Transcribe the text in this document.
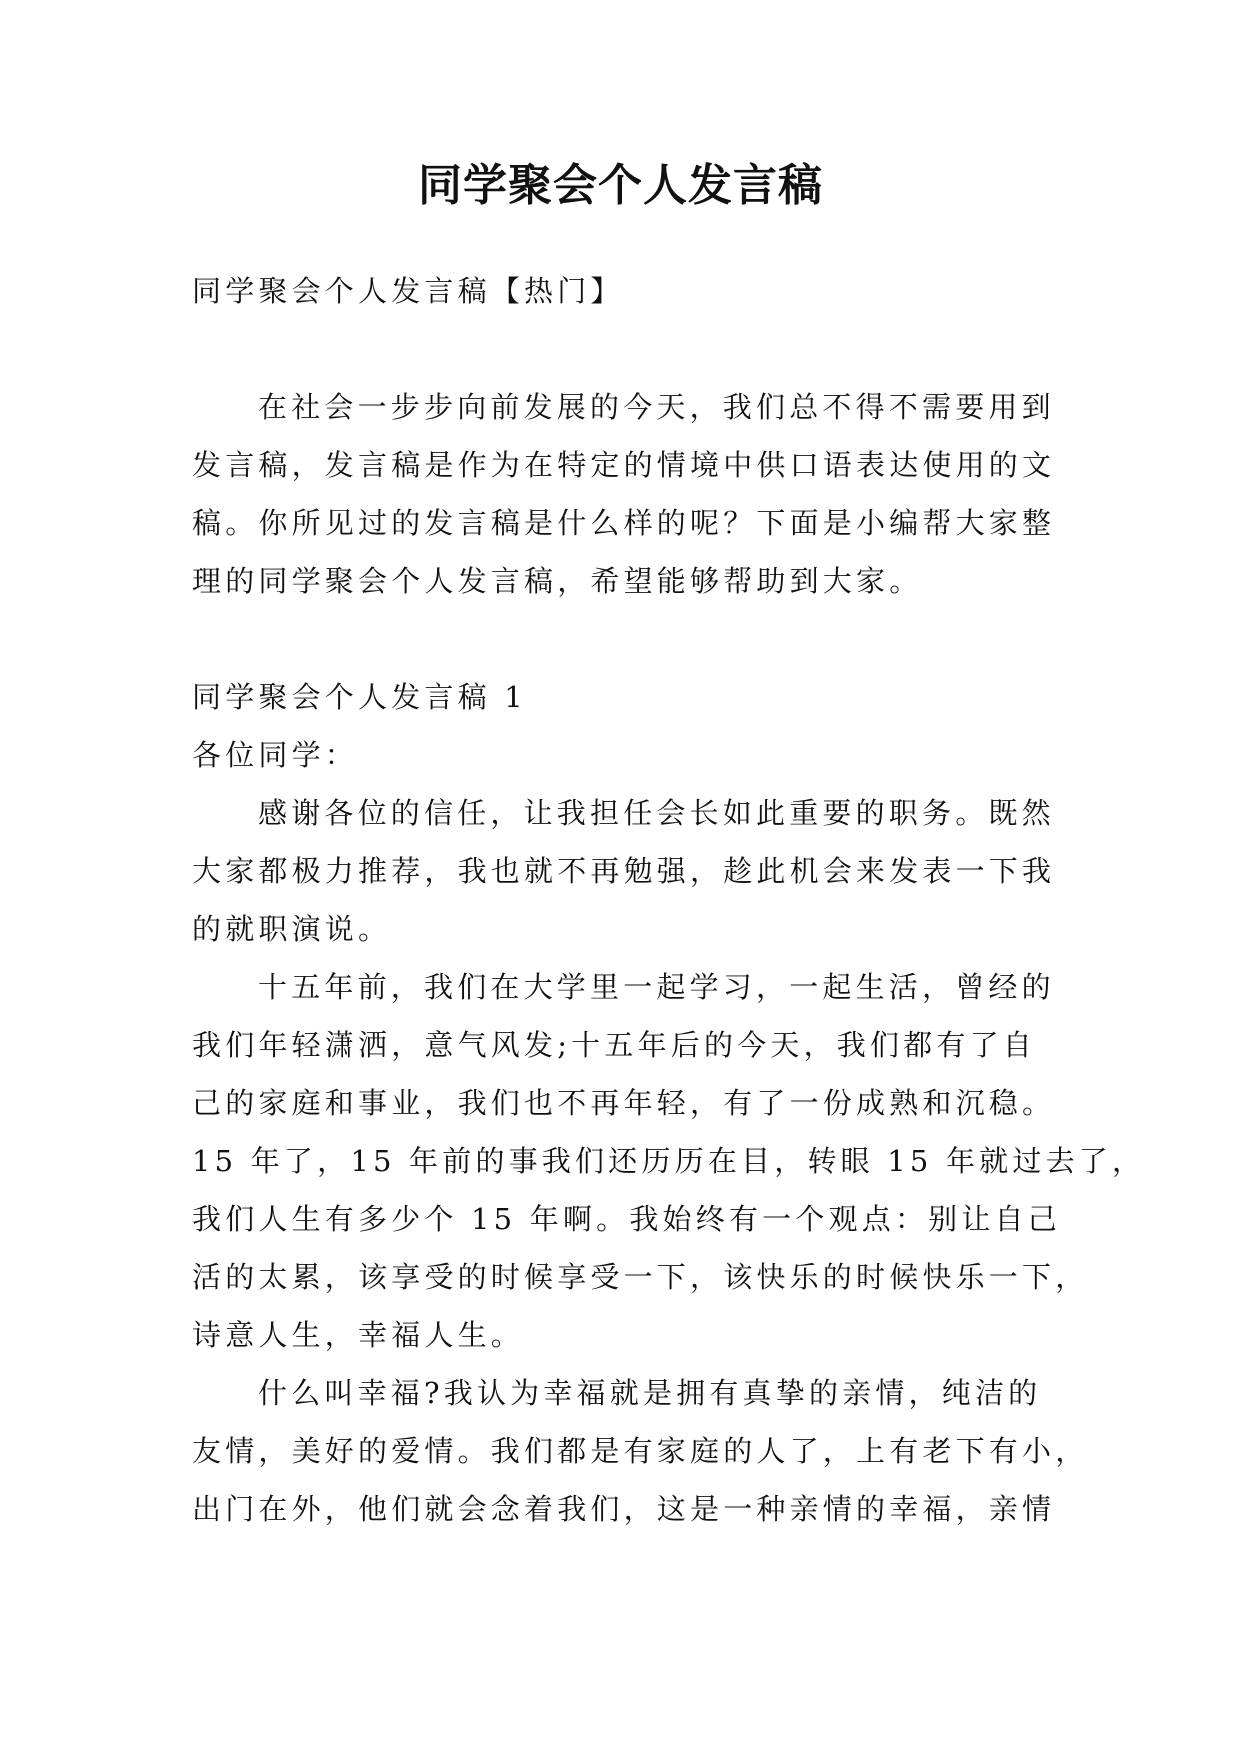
同学聚会个人发言稿

同学聚会个人发言稿【热门】

在社会一步步向前发展的今天，我们总不得不需要用到

发言稿，发言稿是作为在特定的情境中供口语表达使用的文

稿。你所见过的发言稿是什么样的呢？下面是小编帮大家整

理的同学聚会个人发言稿，希望能够帮助到大家。

同学聚会个人发言稿 1

各位同学：

感谢各位的信任，让我担任会长如此重要的职务。既然

大家都极力推荐，我也就不再勉强，趁此机会来发表一下我

的就职演说。

十五年前，我们在大学里一起学习，一起生活，曾经的

我们年轻潇洒，意气风发;十五年后的今天，我们都有了自

己的家庭和事业，我们也不再年轻，有了一份成熟和沉稳。

15 年了，15 年前的事我们还历历在目，转眼 15 年就过去了，

我们人生有多少个 15 年啊。我始终有一个观点：别让自己

活的太累，该享受的时候享受一下，该快乐的时候快乐一下，

诗意人生，幸福人生。

什么叫幸福?我认为幸福就是拥有真挚的亲情，纯洁的

友情，美好的爱情。我们都是有家庭的人了，上有老下有小，

出门在外，他们就会念着我们，这是一种亲情的幸福，亲情
